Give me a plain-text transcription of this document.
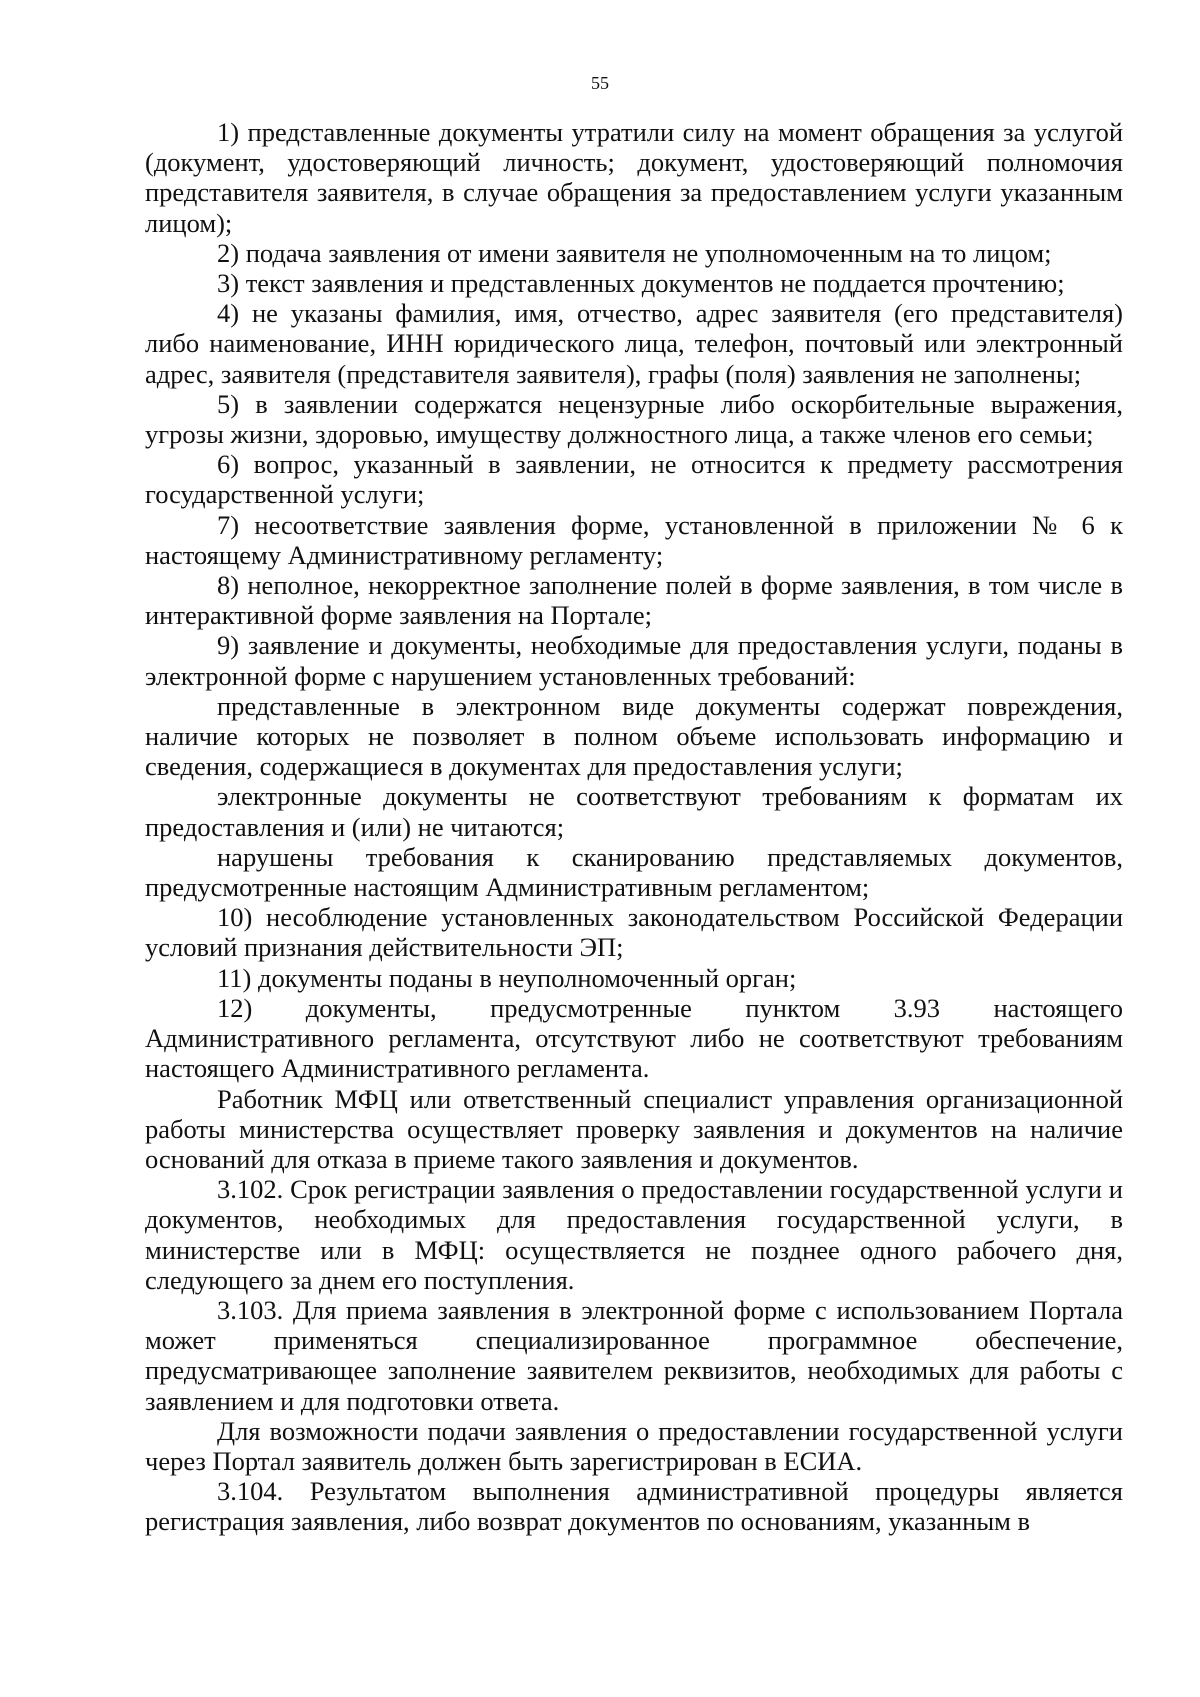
55

1) представленные документы утратили силу на момент обращения за услугой (документ, удостоверяющий личность; документ, удостоверяющий полномочия представителя заявителя, в случае обращения за предоставлением услуги указанным лицом);

2) подача заявления от имени заявителя не уполномоченным на то лицом;

3) текст заявления и представленных документов не поддается прочтению;

4) не указаны фамилия, имя, отчество, адрес заявителя (его представителя) либо наименование, ИНН юридического лица, телефон, почтовый или электронный адрес, заявителя (представителя заявителя), графы (поля) заявления не заполнены;

5) в заявлении содержатся нецензурные либо оскорбительные выражения, угрозы жизни, здоровью, имуществу должностного лица, а также членов его семьи;

6) вопрос, указанный в заявлении, не относится к предмету рассмотрения государственной услуги;

7) несоответствие заявления форме, установленной в приложении № 6 к настоящему Административному регламенту;

8) неполное, некорректное заполнение полей в форме заявления, в том числе в интерактивной форме заявления на Портале;

9) заявление и документы, необходимые для предоставления услуги, поданы в электронной форме с нарушением установленных требований:

представленные в электронном виде документы содержат повреждения, наличие которых не позволяет в полном объеме использовать информацию и сведения, содержащиеся в документах для предоставления услуги;

электронные документы не соответствуют требованиям к форматам их предоставления и (или) не читаются;

нарушены требования к сканированию представляемых документов, предусмотренные настоящим Административным регламентом;

10) несоблюдение установленных законодательством Российской Федерации условий признания действительности ЭП;

11) документы поданы в неуполномоченный орган;

12) документы, предусмотренные пунктом 3.93 настоящего Административного регламента, отсутствуют либо не соответствуют требованиям настоящего Административного регламента.

Работник МФЦ или ответственный специалист управления организационной работы министерства осуществляет проверку заявления и документов на наличие оснований для отказа в приеме такого заявления и документов.

3.102. Срок регистрации заявления о предоставлении государственной услуги и документов, необходимых для предоставления государственной услуги, в министерстве или в МФЦ: осуществляется не позднее одного рабочего дня, следующего за днем его поступления.

3.103. Для приема заявления в электронной форме с использованием Портала может применяться специализированное программное обеспечение, предусматривающее заполнение заявителем реквизитов, необходимых для работы с заявлением и для подготовки ответа.

Для возможности подачи заявления о предоставлении государственной услуги через Портал заявитель должен быть зарегистрирован в ЕСИА.

3.104. Результатом выполнения административной процедуры является регистрация заявления, либо возврат документов по основаниям, указанным в
